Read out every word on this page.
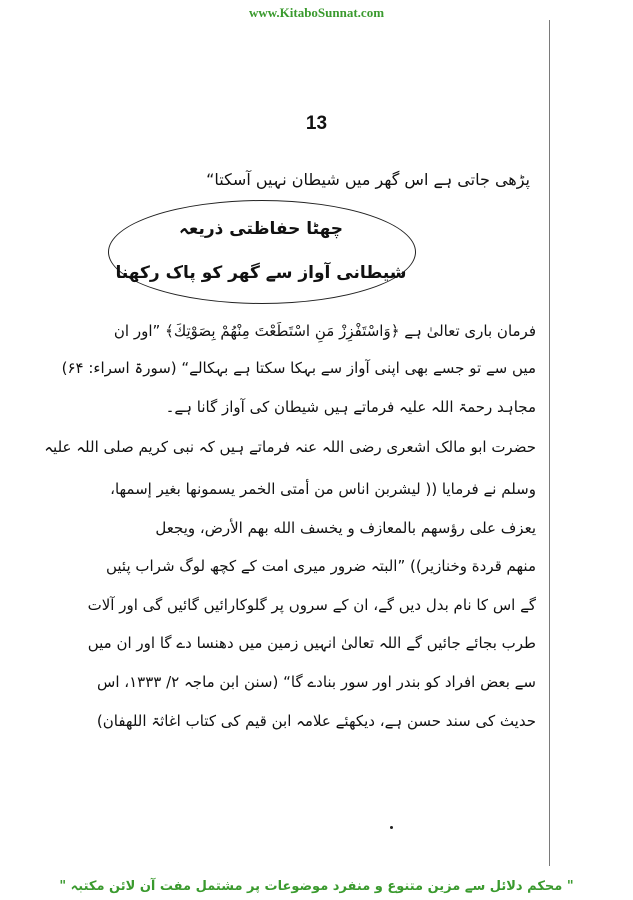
www.KitaboSunnat.com
13
پڑھی جاتی ہے اس گھر میں شیطان نہیں آسکتا“
چھٹا حفاظتی ذریعہ
شیطانی آواز سے گھر کو پاک رکھنا
فرمان باری تعالیٰ ہے ﴿وَاسْتَفْزِزْ مَنِ اسْتَطَعْتَ مِنْهُمْ بِصَوْتِكَ﴾ ”اور ان
میں سے تو جسے بھی اپنی آواز سے بہکا سکتا ہے بہکالے“ (سورۃ اسراء: ۶۴)
مجاہد رحمۃ اللہ علیہ فرماتے ہیں شیطان کی آواز گانا ہے۔
حضرت ابو مالک اشعری رضی اللہ عنہ فرماتے ہیں کہ نبی کریم صلی اللہ علیہ
وسلم نے فرمایا (( لیشربن اناس من أمتی الخمر یسمونها بغیر إسمها،
یعزف علی رؤسهم بالمعازف و یخسف الله بهم الأرض، ویجعل
منهم قردة وخنازیر)) ”البتہ ضرور میری امت کے کچھ لوگ شراب پئیں
گے اس کا نام بدل دیں گے، ان کے سروں پر گلوکارائیں گائیں گی اور آلات
طرب بجائے جائیں گے اللہ تعالیٰ انہیں زمین میں دھنسا دے گا اور ان میں
سے بعض افراد کو بندر اور سور بنادے گا“ (سنن ابن ماجہ ۲/ ۱۳۳۳، اس
حدیث کی سند حسن ہے، دیکھئے علامہ ابن قیم کی کتاب اغاثۃ اللھفان)
" محکم دلائل سے مزین متنوع و منفرد موضوعات پر مشتمل مفت آن لائن مکتبہ "
